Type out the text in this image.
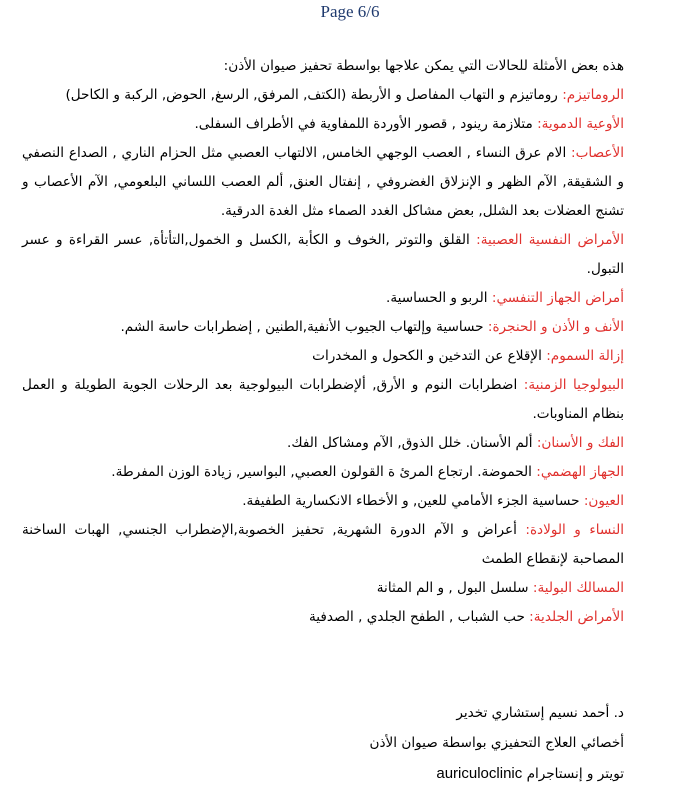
Page 6/6

هذه بعض الأمثلة للحالات التي يمكن علاجها بواسطة تحفيز صيوان الأذن:

الروماتيزم: روماتيزم و التهاب المفاصل و الأربطة (الكتف, المرفق, الرسغ, الحوض, الركبة و الكاحل)

الأوعية الدموية: متلازمة رينود , قصور الأوردة اللمفاوية في الأطراف السفلى.

الأعصاب: الام عرق النساء , العصب الوجهي الخامس, الالتهاب العصبي مثل الحزام الناري , الصداع النصفي و الشقيقة, الآم الظهر و الإنزلاق الغضروفي , إنفتال العنق, ألم العصب اللساني البلعومي, الآم الأعصاب و تشنج العضلات بعد الشلل, بعض مشاكل الغدد الصماء مثل الغدة الدرقية.

الأمراض النفسية العصبية: القلق والتوتر ,الخوف و الكأبة ,الكسل و الخمول,التأتأة, عسر القراءة و عسر التبول.

أمراض الجهاز التنفسي: الربو و الحساسية.

الأنف و الأذن و الحنجرة: حساسية وإلتهاب الجيوب الأنفية,الطنين , إضطرابات حاسة الشم.

إزالة السموم: الإقلاع عن التدخين و الكحول و المخدرات

البيولوجيا الزمنية: اضطرابات النوم و الأرق, ألإضطرابات البيولوجية بعد الرحلات الجوية الطويلة و العمل بنظام المناوبات.

الفك و الأسنان: ألم الأسنان. خلل الذوق, الآم ومشاكل الفك.

الجهاز الهضمي: الحموضة. ارتجاع المرئ ة القولون العصبي, البواسير, زيادة الوزن المفرطة.

العيون: حساسية الجزء الأمامي للعين, و الأخطاء الانكسارية الطفيفة.

النساء و الولادة: أعراض و الآم الدورة الشهرية, تحفيز الخصوبة,الإضطراب الجنسي, الهبات الساخنة المصاحبة لإنقطاع الطمث

المسالك البولية: سلسل البول , و الم المثانة

الأمراض الجلدية: حب الشباب , الطفح الجلدي , الصدفية

د. أحمد نسيم إستشاري تخدير
أخصائي العلاج التحفيزي بواسطة صيوان الأذن
تويتر و إنستاجرام auriculoclinic
